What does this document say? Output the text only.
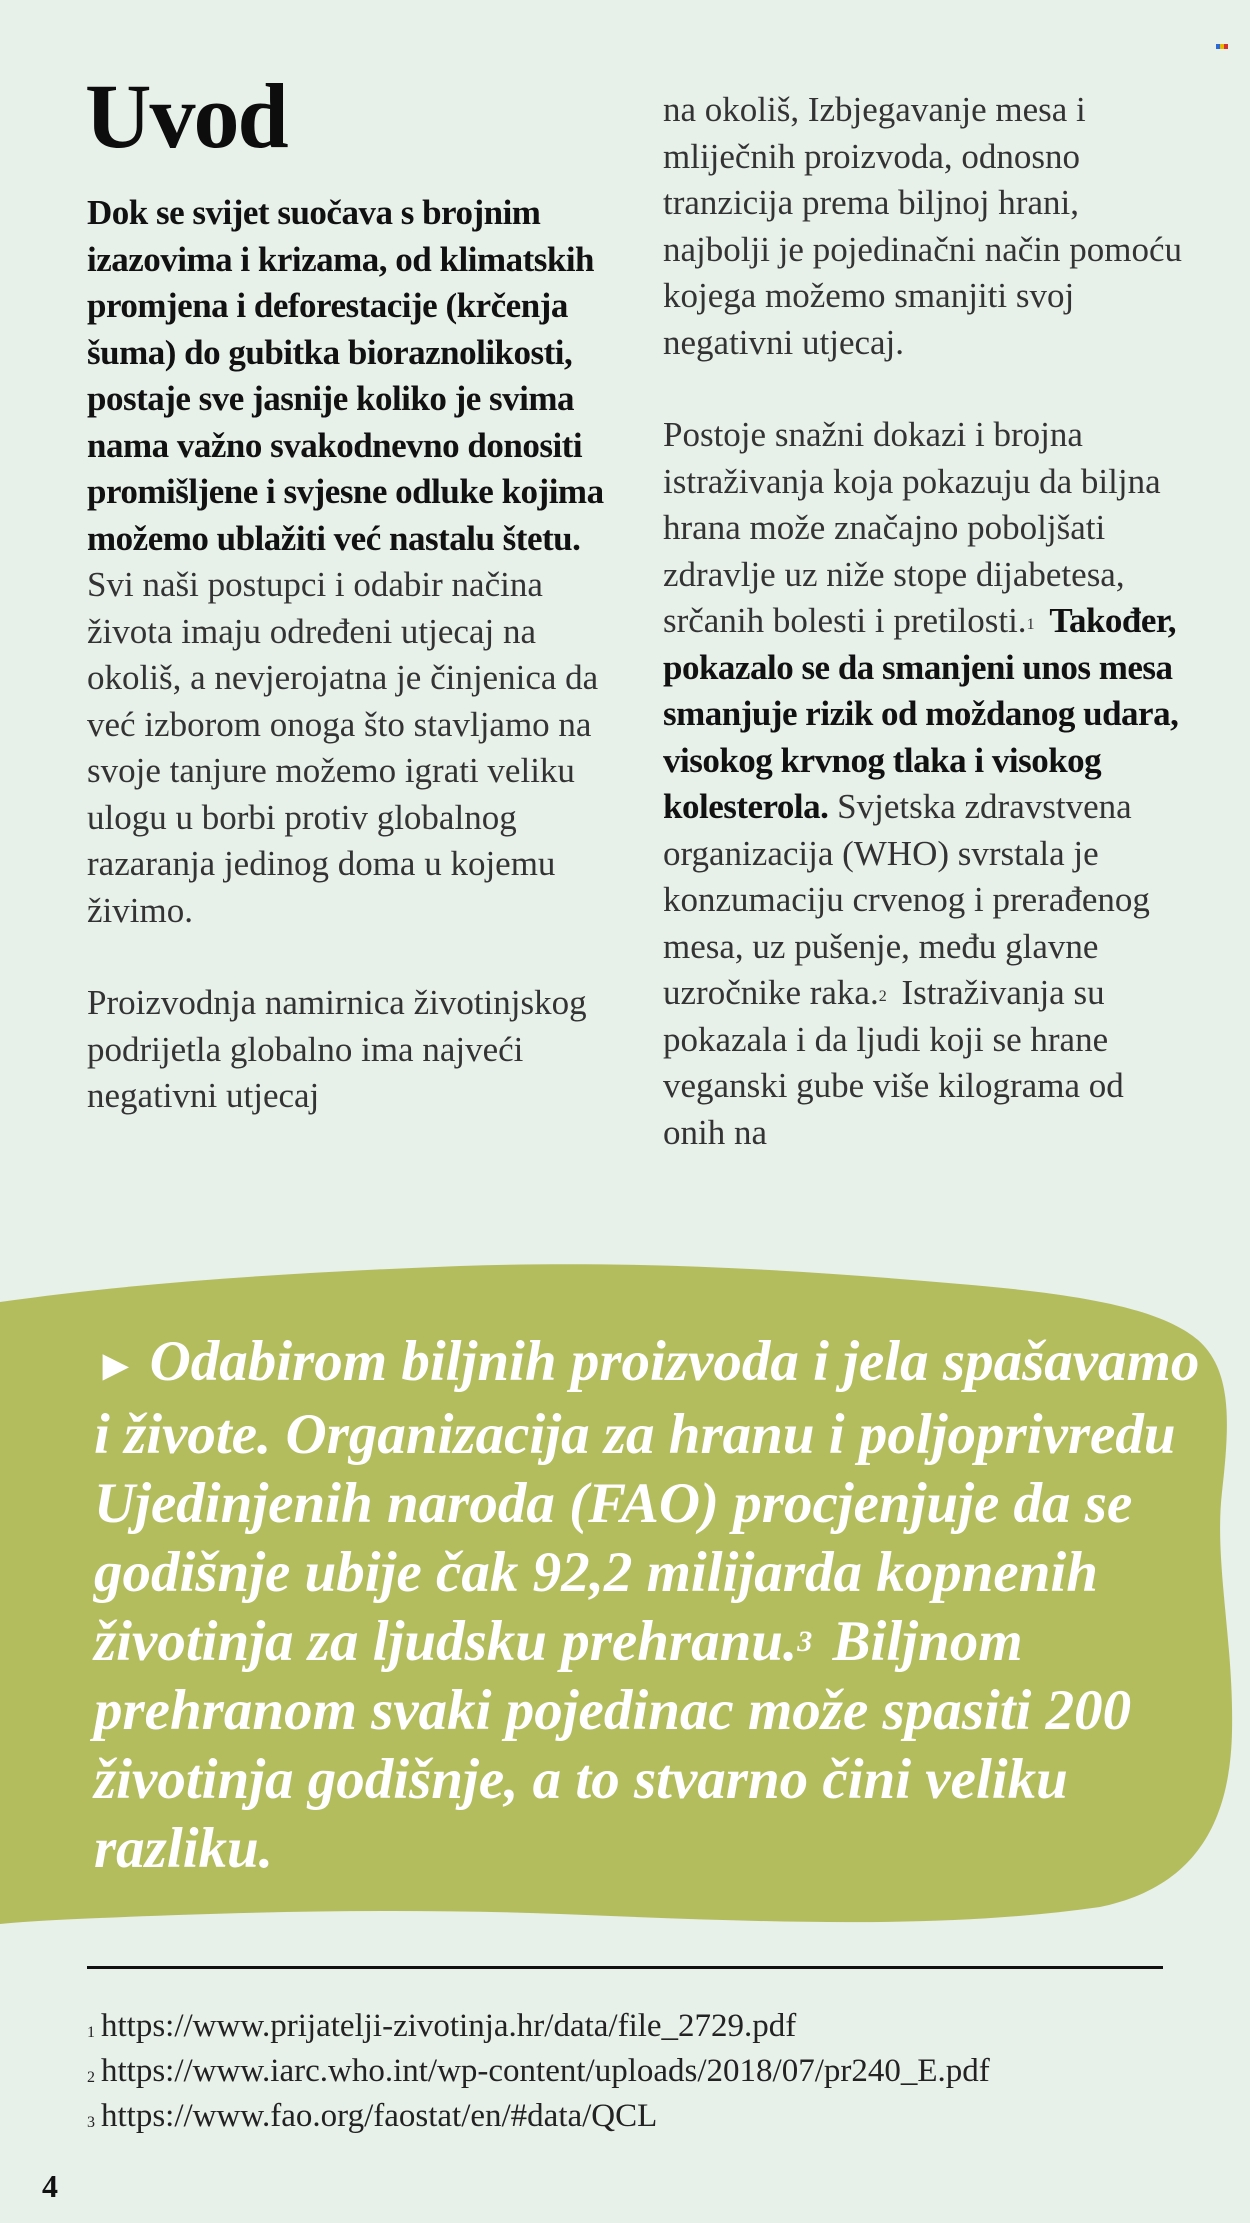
Uvod

Dok se svijet suočava s brojnim izazovima i krizama, od klimatskih promjena i deforestacije (krčenja šuma) do gubitka bioraznolikosti, postaje sve jasnije koliko je svima nama važno svakodnevno donositi promišljene i svjesne odluke kojima možemo ublažiti već nastalu štetu. Svi naši postupci i odabir načina života imaju određeni utjecaj na okoliš, a nevjerojatna je činjenica da već izborom onoga što stavljamo na svoje tanjure možemo igrati veliku ulogu u borbi protiv globalnog razaranja jedinog doma u kojemu živimo.

Proizvodnja namirnica životinjskog podrijetla globalno ima najveći negativni utjecaj

na okoliš, Izbjegavanje mesa i mliječnih proizvoda, odnosno tranzicija prema biljnoj hrani, najbolji je pojedinačni način pomoću kojega možemo smanjiti svoj negativni utjecaj.

Postoje snažni dokazi i brojna istraživanja koja pokazuju da biljna hrana može značajno poboljšati zdravlje uz niže stope dijabetesa, srčanih bolesti i pretilosti.$^1$ Također, pokazalo se da smanjeni unos mesa smanjuje rizik od moždanog udara, visokog krvnog tlaka i visokog kolesterola. Svjetska zdravstvena organizacija (WHO) svrstala je konzumaciju crvenog i prerađenog mesa, uz pušenje, među glavne uzročnike raka.$^2$ Istraživanja su pokazala i da ljudi koji se hrane veganski gube više kilograma od onih na

► Odabirom biljnih proizvoda i jela spašavamo i živote. Organizacija za hranu i poljoprivredu Ujedinjenih naroda (FAO) procjenjuje da se godišnje ubije čak 92,2 milijarda kopnenih životinja za ljudsku prehranu.$^3$ Biljnom prehranom svaki pojedinac može spasiti 200 životinja godišnje, a to stvarno čini veliku razliku.

$^1$ https://www.prijatelji-zivotinja.hr/data/file_2729.pdf
$^2$ https://www.iarc.who.int/wp-content/uploads/2018/07/pr240_E.pdf
$^3$ https://www.fao.org/faostat/en/#data/QCL
4
